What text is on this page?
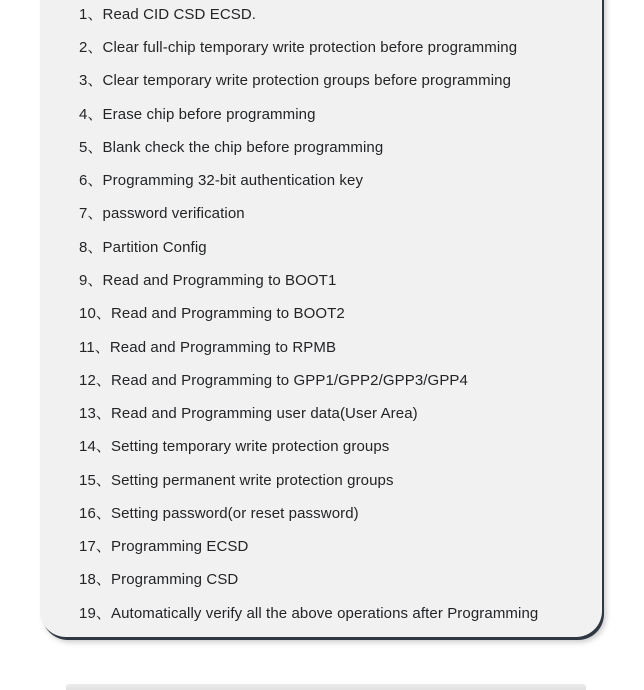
1、Read CID CSD ECSD.
2、Clear full-chip temporary write protection before programming
3、Clear temporary write protection groups before programming
4、Erase chip before programming
5、Blank check the chip before programming
6、Programming 32-bit authentication key
7、password verification
8、Partition Config
9、Read and Programming to BOOT1
10、Read and Programming to BOOT2
11、Read and Programming to RPMB
12、Read and Programming to GPP1/GPP2/GPP3/GPP4
13、Read and Programming user data(User Area)
14、Setting temporary write protection groups
15、Setting permanent write protection groups
16、Setting password(or reset password)
17、Programming ECSD
18、Programming CSD
19、Automatically verify all the above operations after Programming
